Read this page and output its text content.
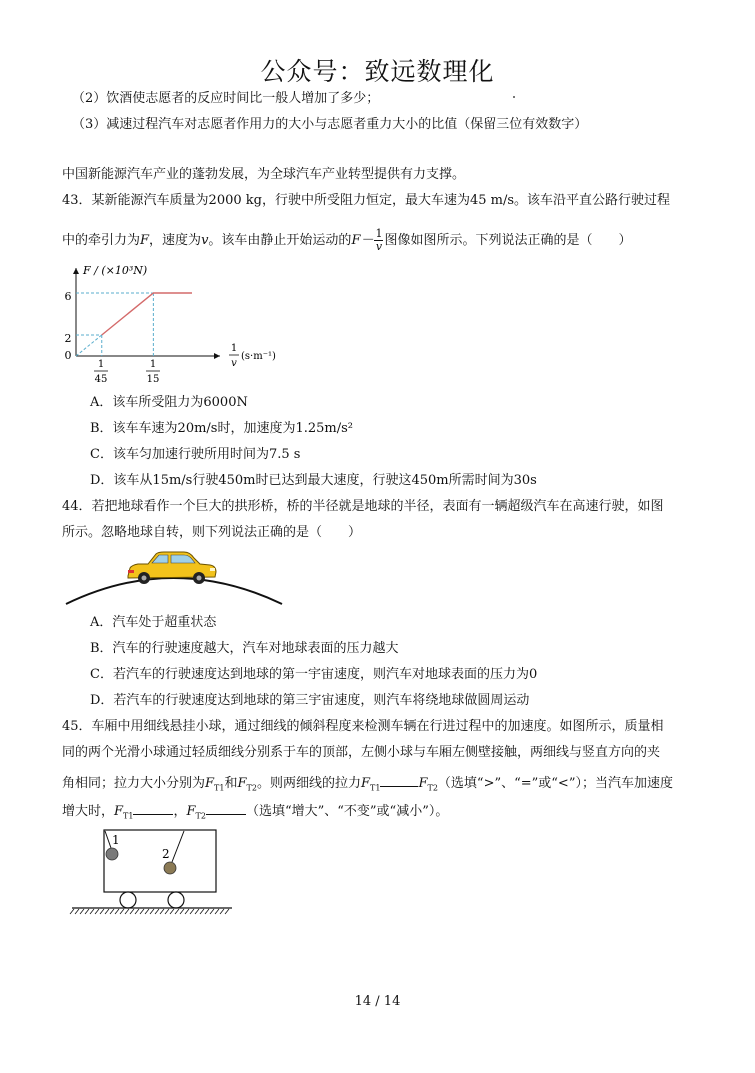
公众号：致远数理化
（2）饮酒使志愿者的反应时间比一般人增加了多少；
（3）减速过程汽车对志愿者作用力的大小与志愿者重力大小的比值（保留三位有效数字）
中国新能源汽车产业的蓬勃发展，为全球汽车产业转型提供有力支撑。
43．某新能源汽车质量为2000 kg，行驶中所受阻力恒定，最大车速为45 m/s。该车沿平直公路行驶过程
中的牵引力为F，速度为v。该车由静止开始运动的$F- \frac{1}{v}$ 图像如图所示。下列说法正确的是（　　）
F / (×10³N)
6
2
0
1
45
1
15
1
v
(s·m⁻¹)
A．该车所受阻力为6000N
B．该车车速为20m/s时，加速度为1.25m/s²
C．该车匀加速行驶所用时间为7.5 s
D．该车从15m/s行驶450m时已达到最大速度，行驶这450m所需时间为30s
44．若把地球看作一个巨大的拱形桥，桥的半径就是地球的半径，表面有一辆超级汽车在高速行驶，如图
所示。忽略地球自转，则下列说法正确的是（　　）
A．汽车处于超重状态
B．汽车的行驶速度越大，汽车对地球表面的压力越大
C．若汽车的行驶速度达到地球的第一宇宙速度，则汽车对地球表面的压力为0
D．若汽车的行驶速度达到地球的第三宇宙速度，则汽车将绕地球做圆周运动
45．车厢中用细线悬挂小球，通过细线的倾斜程度来检测车辆在行进过程中的加速度。如图所示，质量相
同的两个光滑小球通过轻质细线分别系于车的顶部，左侧小球与车厢左侧壁接触，两细线与竖直方向的夹
角相同；拉力大小分别为$F_{T1}$和$F_{T2}$。则两细线的拉力$F_{T1}$	$F_{T2}$（选填“>”、“=”或“<”）；当汽车加速度
增大时，$F_{T1}$	，$F_{T2}$	（选填“增大”、“不变”或“减小”）。
1
2
14 / 14
